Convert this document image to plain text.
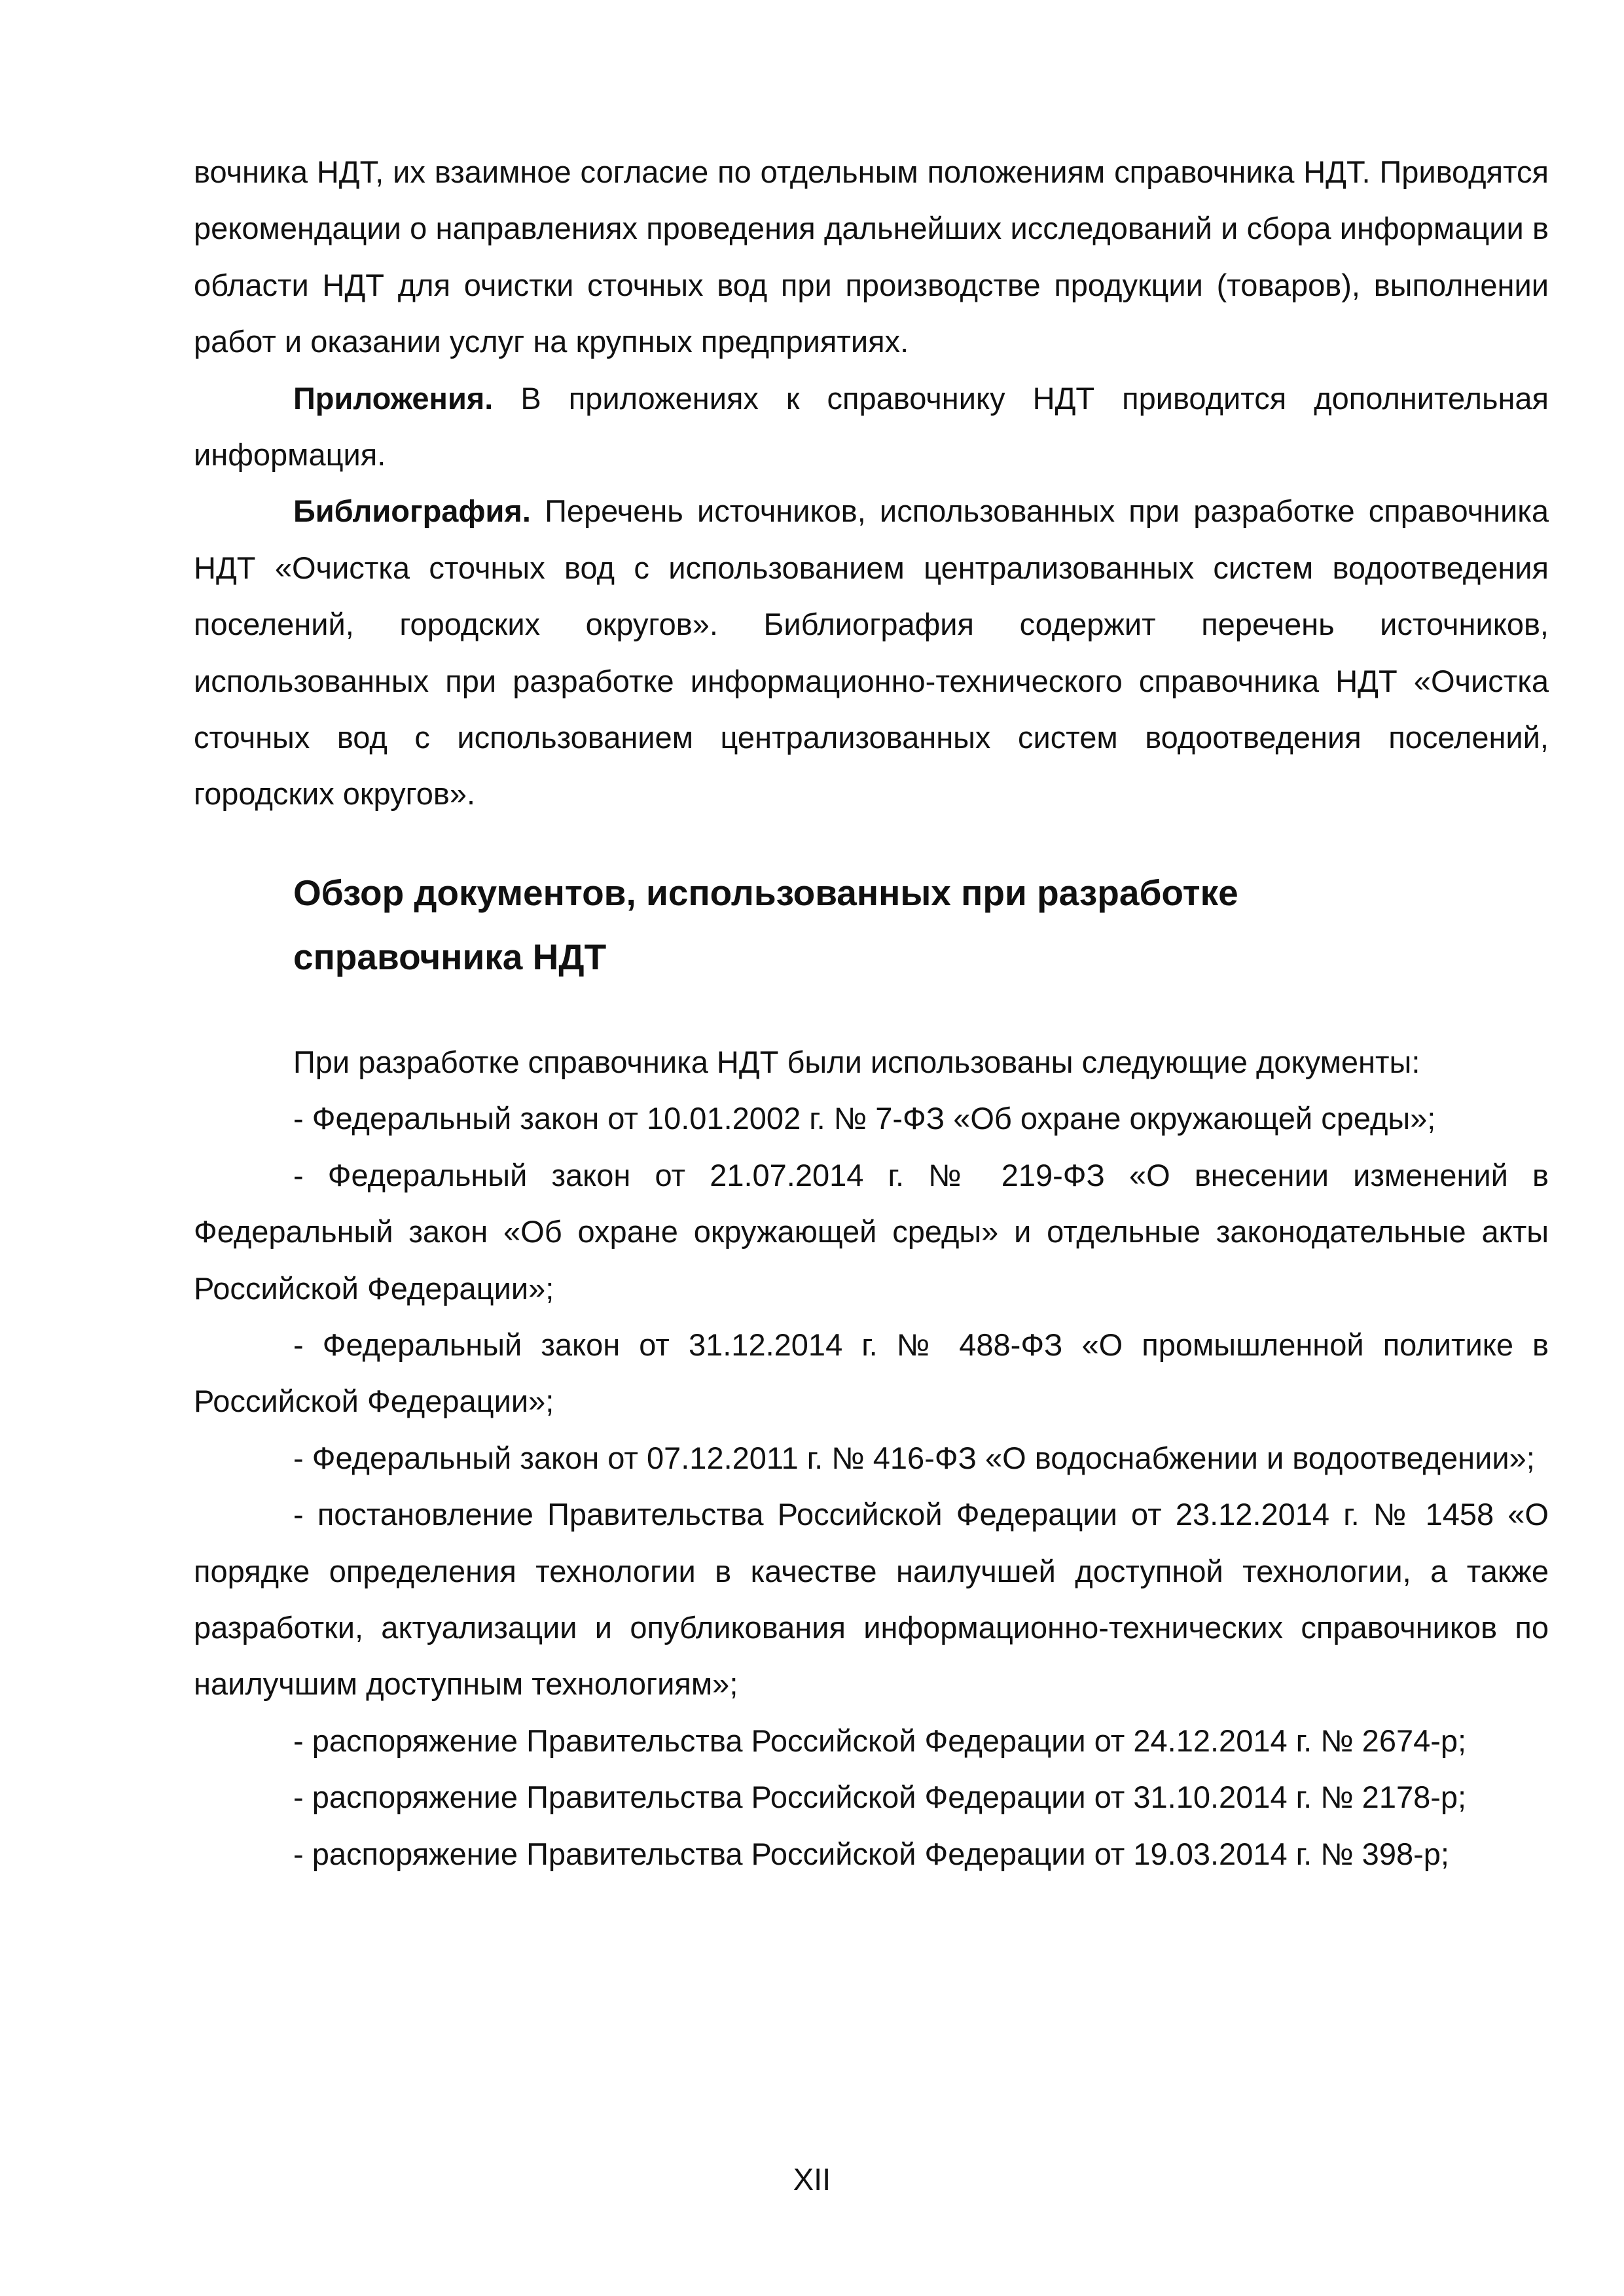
вочника НДТ, их взаимное согласие по отдельным положениям справочника НДТ. Приводятся рекомендации о направлениях проведения дальнейших исследований и сбора информации в области НДТ для очистки сточных вод при производстве продукции (товаров), выполнении работ и оказании услуг на крупных предприятиях.

Приложения. В приложениях к справочнику НДТ приводится дополнительная информация.

Библиография. Перечень источников, использованных при разработке справочника НДТ «Очистка сточных вод с использованием централизованных систем водоотведения поселений, городских округов». Библиография содержит перечень источников, использованных при разработке информационно-технического справочника НДТ «Очистка сточных вод с использованием централизованных систем водоотведения поселений, городских округов».

Обзор документов, использованных при разработке
справочника НДТ

При разработке справочника НДТ были использованы следующие документы:

- Федеральный закон от 10.01.2002 г. № 7-ФЗ «Об охране окружающей среды»;

- Федеральный закон от 21.07.2014 г. № 219-ФЗ «О внесении изменений в Федеральный закон «Об охране окружающей среды» и отдельные законодательные акты Российской Федерации»;

- Федеральный закон от 31.12.2014 г. № 488-ФЗ «О промышленной политике в Российской Федерации»;

- Федеральный закон от 07.12.2011 г. № 416-ФЗ «О водоснабжении и водоотведении»;

- постановление Правительства Российской Федерации от 23.12.2014 г. № 1458 «О порядке определения технологии в качестве наилучшей доступной технологии, а также разработки, актуализации и опубликования информационно-технических справочников по наилучшим доступным технологиям»;

- распоряжение Правительства Российской Федерации от 24.12.2014 г. № 2674-р;

- распоряжение Правительства Российской Федерации от 31.10.2014 г. № 2178-р;

- распоряжение Правительства Российской Федерации от 19.03.2014 г. № 398-р;

XII
